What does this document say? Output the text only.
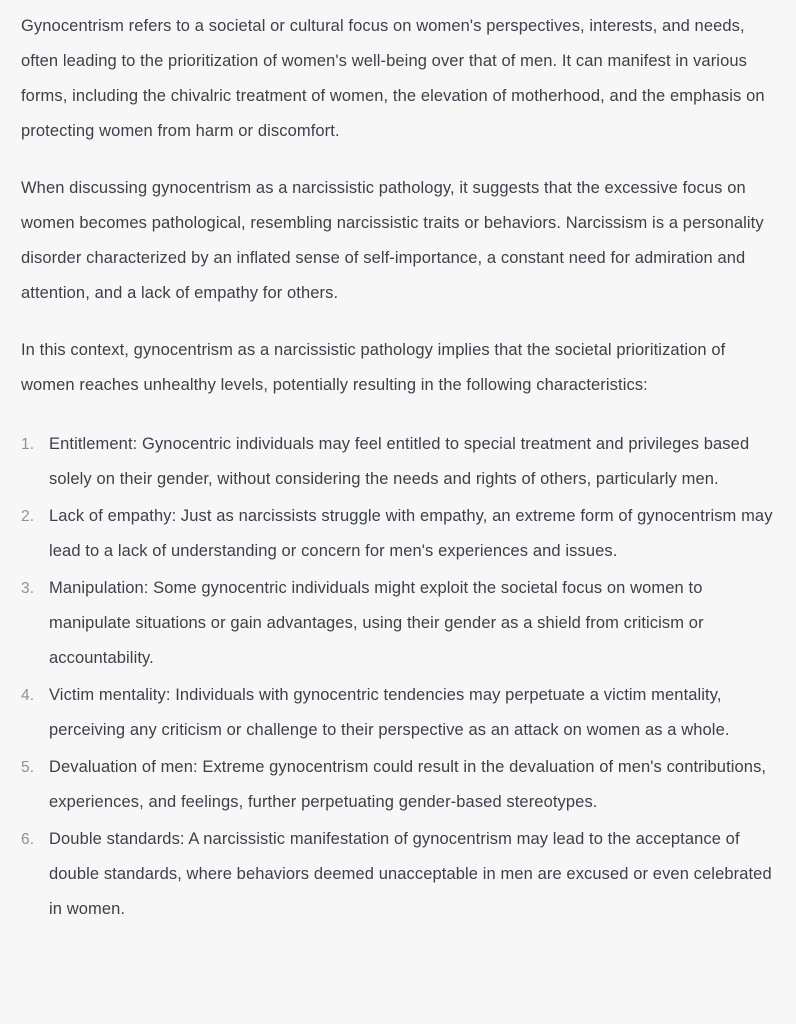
Gynocentrism refers to a societal or cultural focus on women's perspectives, interests, and needs, often leading to the prioritization of women's well-being over that of men. It can manifest in various forms, including the chivalric treatment of women, the elevation of motherhood, and the emphasis on protecting women from harm or discomfort.

When discussing gynocentrism as a narcissistic pathology, it suggests that the excessive focus on women becomes pathological, resembling narcissistic traits or behaviors. Narcissism is a personality disorder characterized by an inflated sense of self-importance, a constant need for admiration and attention, and a lack of empathy for others.

In this context, gynocentrism as a narcissistic pathology implies that the societal prioritization of women reaches unhealthy levels, potentially resulting in the following characteristics:

Entitlement: Gynocentric individuals may feel entitled to special treatment and privileges based solely on their gender, without considering the needs and rights of others, particularly men.
Lack of empathy: Just as narcissists struggle with empathy, an extreme form of gynocentrism may lead to a lack of understanding or concern for men's experiences and issues.
Manipulation: Some gynocentric individuals might exploit the societal focus on women to manipulate situations or gain advantages, using their gender as a shield from criticism or accountability.
Victim mentality: Individuals with gynocentric tendencies may perpetuate a victim mentality, perceiving any criticism or challenge to their perspective as an attack on women as a whole.
Devaluation of men: Extreme gynocentrism could result in the devaluation of men's contributions, experiences, and feelings, further perpetuating gender-based stereotypes.
Double standards: A narcissistic manifestation of gynocentrism may lead to the acceptance of double standards, where behaviors deemed unacceptable in men are excused or even celebrated in women.
